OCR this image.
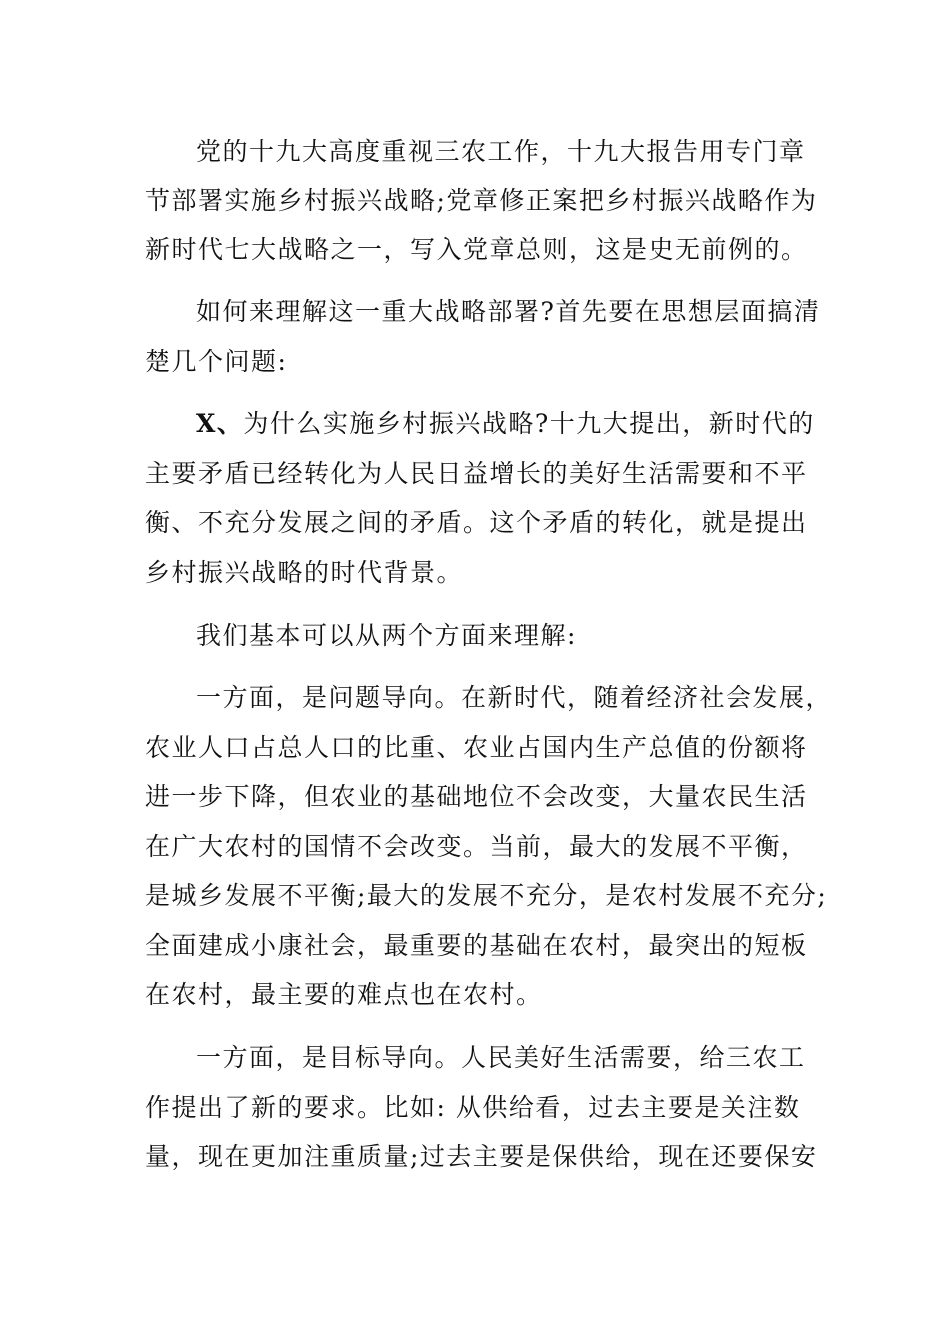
党的十九大高度重视三农工作，十九大报告用专门章
节部署实施乡村振兴战略;党章修正案把乡村振兴战略作为
新时代七大战略之一，写入党章总则，这是史无前例的。
如何来理解这一重大战略部署?首先要在思想层面搞清
楚几个问题:
X、为什么实施乡村振兴战略?十九大提出，新时代的
主要矛盾已经转化为人民日益增长的美好生活需要和不平
衡、不充分发展之间的矛盾。这个矛盾的转化，就是提出
乡村振兴战略的时代背景。
我们基本可以从两个方面来理解:
一方面，是问题导向。在新时代，随着经济社会发展，
农业人口占总人口的比重、农业占国内生产总值的份额将
进一步下降，但农业的基础地位不会改变，大量农民生活
在广大农村的国情不会改变。当前，最大的发展不平衡，
是城乡发展不平衡;最大的发展不充分，是农村发展不充分;
全面建成小康社会，最重要的基础在农村，最突出的短板
在农村，最主要的难点也在农村。
一方面，是目标导向。人民美好生活需要，给三农工
作提出了新的要求。比如: 从供给看，过去主要是关注数
量，现在更加注重质量;过去主要是保供给，现在还要保安
